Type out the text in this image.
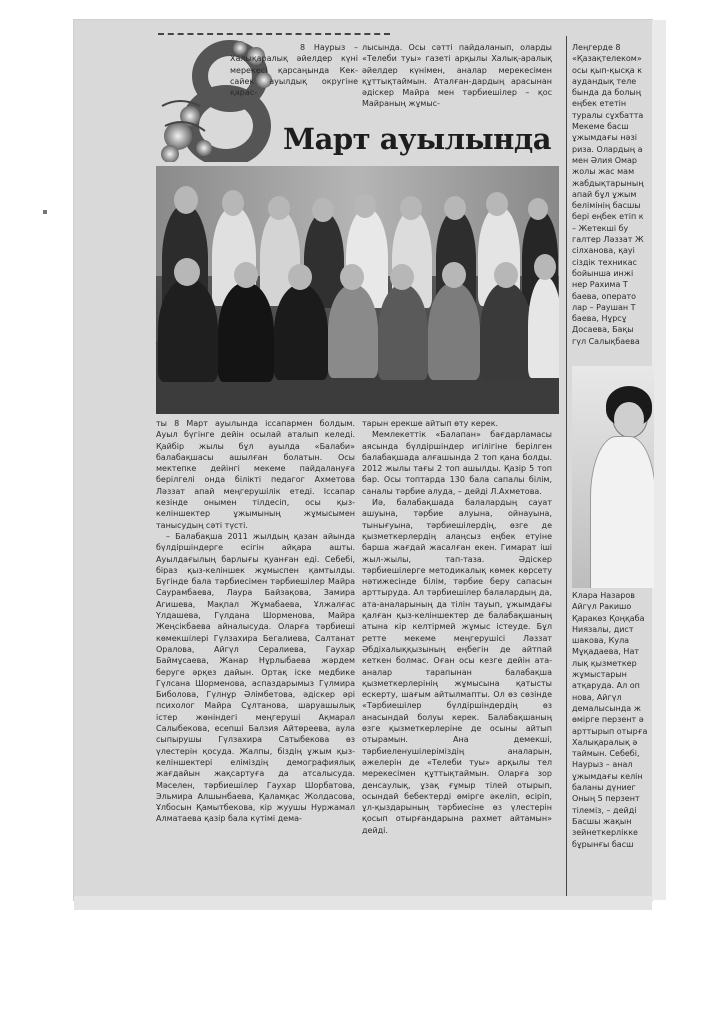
8 Наурыз – Халықаралық әйелдер күні мерекесі қарсаңында Кек-сайек ауылдық округіне қарас-

лысында. Осы сәтті пайдаланып, оларды «Телеби туы» газеті арқылы Халық-аралық әйелдер күнімен, аналар мерекесімен құттықтаймын. Аталған-дардың арасынан әдіскер Майра мен тәрбиешілер – қос Майраның жұмыс-

Март ауылында

Леңгерде 8

«Қазақтелеком»

осы қып-қысқа к

аудандық теле

бында да болың

еңбек ететін

туралы сұхбатта

Мекеме басш

ұжымдағы нәзі

риза. Олардың а

мен Әлия Омар

жолы жас мам

жабдықтарының

апай бұл ұжым

белімінің басшы

бері еңбек етіп к

– Жетекші бу

галтер Ләззат Ж

сілханова, қауі

сіздік техникас

бойынша инжі

нер Рахима Т

баева, операто

лар – Раушан Т

баева, Нұрсұ

Досаева, Бақы

гүл Салықбаева

ты 8 Март ауылында іссапармен болдым. Ауыл бүгінге дейін осылай аталып келеді. Қайбір жылы бұл ауылда «Балаби» балабақшасы ашылған болатын. Осы мектепке дейінгі мекеме пайдалануға берілгелі онда білікті педагог Ахметова Ләззат апай меңгерушілік етеді. Іссапар кезінде онымен тілдесіп, осы қыз-келіншектер ұжымының жұмысымен танысудың сәті түсті.

– Балабақша 2011 жылдың қазан айында бүлдіршіндерге есігін айқара ашты. Ауылдағылың барлығы қуанған еді. Себебі, біраз қыз-келіншек жұмыспен қамтылды. Бүгінде бала тәрбиесімен тәрбиешілер Майра Саурамбаева, Лаура Байзақова, Замира Агишева, Мақпал Жұмабаева, Ұлжалғас Үлдашева, Гүлдана Шорменова, Майра Жеңсікбаева айналысуда. Оларға тәрбиеші көмекшілері Гүлзахира Бегалиева, Салтанат Оралова, Айгүл Сералиева, Гаухар Баймұсаева, Жанар Нұрлыбаева жәрдем беруге әрқез дайын. Ортақ іске медбике Гүлсана Шорменова, аспаздарымыз Гүлмира Биболова, Гүлнұр Әлімбетова, әдіскер әрі психолог Майра Сұлтанова, шаруашылық істер жөніндегі меңгеруші Ақмарал Салыбекова, есепші Балзия Айтөреева, аула сыпырушы Гүлзахира Сатыбекова өз үлестерін қосуда. Жалпы, біздің ұжым қыз-келіншектері еліміздің демографиялық жағдайын жақсартуға да атсалысуда. Мәселен, тәрбиешілер Гаухар Шорбатова, Эльмира Алшынбаева, Қаламқас Жолдасова, Ұлбосын Қамытбекова, кір жуушы Нуржамал Алматаева қазір бала күтімі демa-

тарын ерекше айтып өту керек.

Мемлекеттік «Балапан» бағдарламасы аясында бүлдіршіндер игілігіне берілген балабақшада алғашында 2 топ қана болды. 2012 жылы тағы 2 топ ашылды. Қазір 5 топ бар. Осы топтарда 130 бала сапалы білім, саналы тәрбие алуда, – дейді Л.Ахметова.

Иә, балабақшада балалардың сауат ашуына, тәрбие алуына, ойнауына, тынығуына, тәрбиешілердің, өзге де қызметкерлердің алаңсыз еңбек етуіне барша жағдай жасалған екен. Гимарат іші жыл-жылы, тап-таза. Әдіскер тәрбиешілерге методикалық көмек көрсету нәтижесінде білім, тәрбие беру сапасын арттыруда. Ал тәрбиешілер балалардың да, ата-аналарының да тілін тауып, ұжымдағы қалған қыз-келіншектер де балабақшаның атына кір келтірмей жұмыс істеуде. Бұл ретте мекеме меңгерушісі Ләззат Әбдіхалыққызының еңбегін де айтпай кеткен болмас. Оған осы кезге дейін ата-аналар тарапынан балабақша қызметкерлерінің жұмысына қатысты ескерту, шағым айтылмапты. Ол өз сөзінде «Тәрбиешілер бүлдіршіндердің өз анасындай болуы керек. Балабақшаның өзге қызметкерлеріне де осыны айтып отырамын. Ана демекші, тәрбиеленушілеріміздің аналарын, әжелерін де «Телеби туы» арқылы тел мерекесімен құттықтаймын. Оларға зор денсаулық, ұзақ ғұмыр тілей отырып, осындай бебектерді өмірге әкеліп, өсіріп, ұл-қыздарының тәрбиесіне өз үлестерін қосып отырғандарына рахмет айтамын» дейді.

Клара Назаров

Айгүл Ракишо

Қаракөз Қоңқаба

Ниязалы, дист

шакова, Кула

Мұқадаева, Нат

лық қызметкер

жұмыстарын

атқаруда. Ал оп

нова, Айгүл

демалысында ж

өмірге перзент ә

арттырып отырға

Халықаралық ә

таймын. Себебі,

Наурыз – анал

ұжымдағы келін

баланы дүниег

Оның 5 перзент

тілеміз, – дейді

Басшы жақын

зейнеткерлікке

бұрынғы басш
